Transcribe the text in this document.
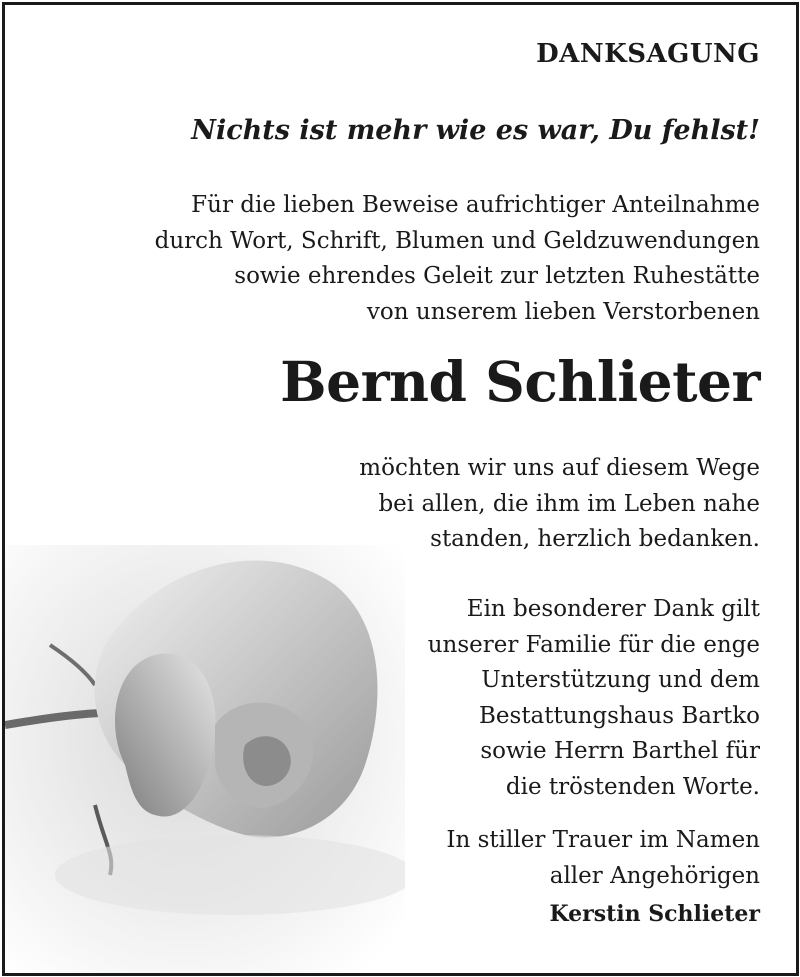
DANKSAGUNG

Nichts ist mehr wie es war, Du fehlst!

Für die lieben Beweise aufrichtiger Anteilnahme
durch Wort, Schrift, Blumen und Geldzuwendungen
sowie ehrendes Geleit zur letzten Ruhestätte
von unserem lieben Verstorbenen

Bernd Schlieter

möchten wir uns auf diesem Wege
bei allen, die ihm im Leben nahe
standen, herzlich bedanken.

Ein besonderer Dank gilt
unserer Familie für die enge
Unterstützung und dem
Bestattungshaus Bartko
sowie Herrn Barthel für
die tröstenden Worte.

In stiller Trauer im Namen
aller Angehörigen

Kerstin Schlieter
